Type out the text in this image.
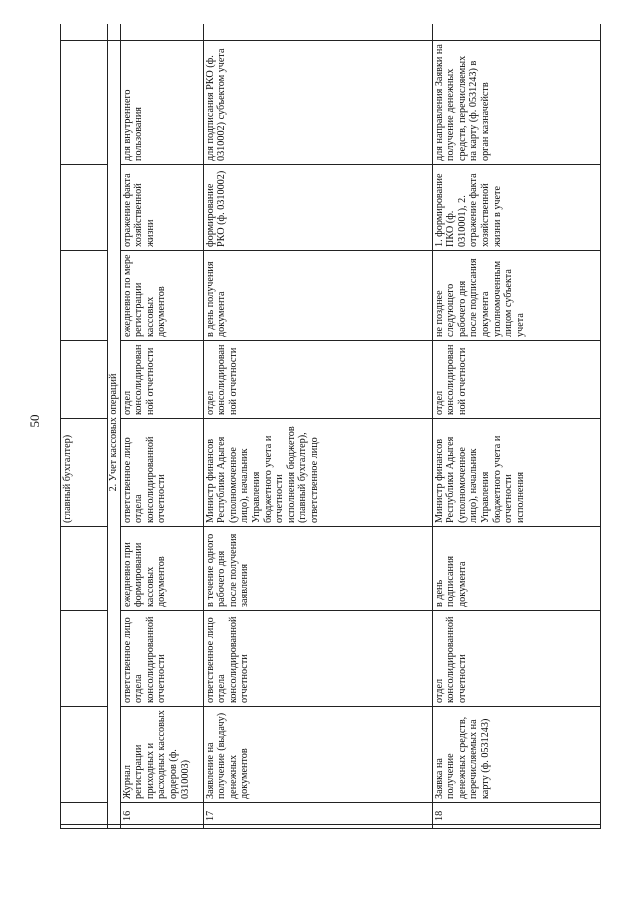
50
					(главный бухгалтер)					
	2. Учет кассовых операций									
	16	Журнал регистрации приходных и расходных кассовых ордеров (ф. 0310003)	ответственное лицо отдела консолидированной отчетности	ежедневно при формировании кассовых документов	ответственное лицо отдела консолидированной отчетности	отдел консолидированной отчетности	ежедневно по мере регистрации кассовых документов	отражение факта хозяйственной жизни	для внутреннего пользования	
	17	Заявление на получение (выдачу) денежных документов	ответственное лицо отдела консолидированной отчетности	в течение одного рабочего дня после получения заявления	Министр финансов Республики Адыгея (уполномоченное лицо), начальник Управления бюджетного учета и отчетности исполнения бюджетов (главный бухгалтер), ответственное лицо	отдел консолидированной отчетности	в день получения документа	формирование РКО (ф. 0310002)	для подписания РКО (ф. 0310002) субъектом учета	
	18	Заявка на получение денежных средств, перечисляемых на карту (ф. 0531243)	отдел консолидированной отчетности	в день подписания документа	Министр финансов Республики Адыгея (уполномоченное лицо), начальник Управления бюджетного учета и отчетности исполнения	отдел консолидированной отчетности	не позднее следующего рабочего дня после подписания документа уполномоченным лицом субъекта учета	1. формирование ПКО (ф. 0310001), 2. отражение факта хозяйственной жизни в учете	для направления Заявки на получение денежных средств, перечисляемых на карту (ф. 0531243) в орган казначейств	
